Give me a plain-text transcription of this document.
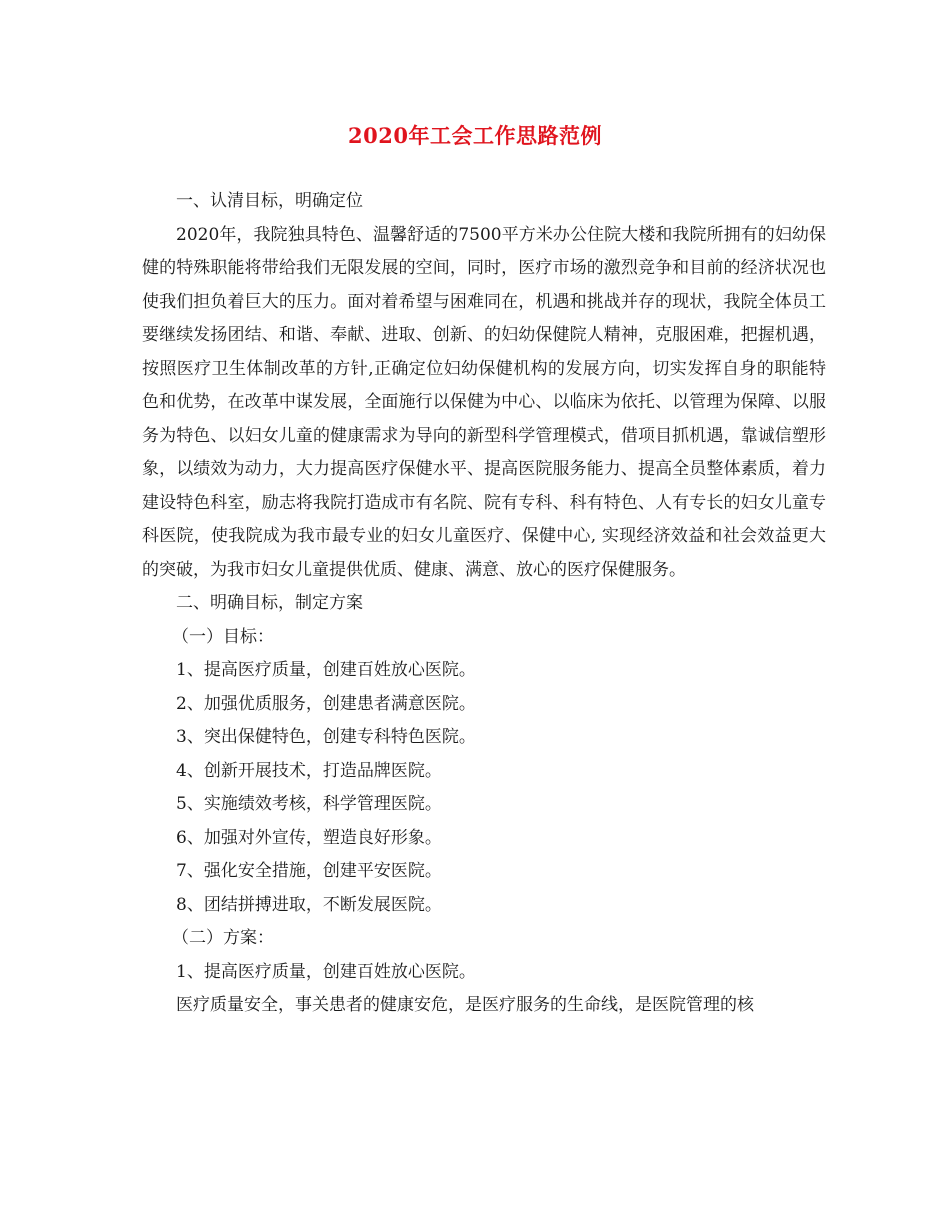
2020年工会工作思路范例

一、认清目标，明确定位

2020年，我院独具特色、温馨舒适的7500平方米办公住院大楼和我院所拥有的妇幼保健的特殊职能将带给我们无限发展的空间，同时，医疗市场的激烈竞争和目前的经济状况也使我们担负着巨大的压力。面对着希望与困难同在，机遇和挑战并存的现状，我院全体员工要继续发扬团结、和谐、奉献、进取、创新、的妇幼保健院人精神，克服困难，把握机遇，按照医疗卫生体制改革的方针,正确定位妇幼保健机构的发展方向，切实发挥自身的职能特色和优势，在改革中谋发展，全面施行以保健为中心、以临床为依托、以管理为保障、以服务为特色、以妇女儿童的健康需求为导向的新型科学管理模式，借项目抓机遇，靠诚信塑形象，以绩效为动力，大力提高医疗保健水平、提高医院服务能力、提高全员整体素质，着力建设特色科室，励志将我院打造成市有名院、院有专科、科有特色、人有专长的妇女儿童专科医院，使我院成为我市最专业的妇女儿童医疗、保健中心, 实现经济效益和社会效益更大的突破，为我市妇女儿童提供优质、健康、满意、放心的医疗保健服务。

二、明确目标，制定方案

（一）目标：

1、提高医疗质量，创建百姓放心医院。

2、加强优质服务，创建患者满意医院。

3、突出保健特色，创建专科特色医院。

4、创新开展技术，打造品牌医院。

5、实施绩效考核，科学管理医院。

6、加强对外宣传，塑造良好形象。

7、强化安全措施，创建平安医院。

8、团结拼搏进取，不断发展医院。

（二）方案：

1、提高医疗质量，创建百姓放心医院。

医疗质量安全，事关患者的健康安危，是医疗服务的生命线，是医院管理的核
